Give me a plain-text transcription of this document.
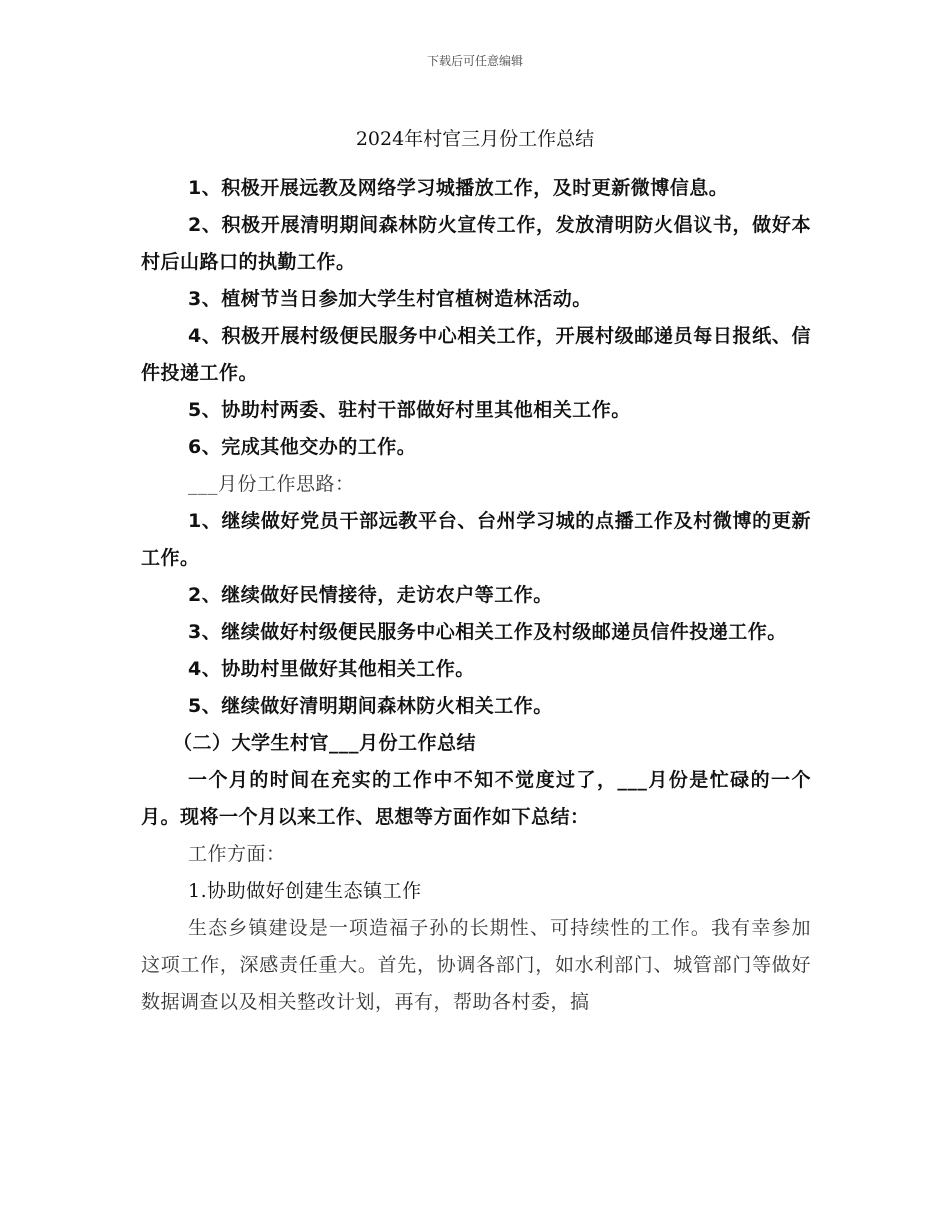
下载后可任意编辑
2024年村官三月份工作总结

1、积极开展远教及网络学习城播放工作，及时更新微博信息。

2、积极开展清明期间森林防火宣传工作，发放清明防火倡议书，做好本村后山路口的执勤工作。

3、植树节当日参加大学生村官植树造林活动。

4、积极开展村级便民服务中心相关工作，开展村级邮递员每日报纸、信件投递工作。

5、协助村两委、驻村干部做好村里其他相关工作。

6、完成其他交办的工作。

___月份工作思路：

1、继续做好党员干部远教平台、台州学习城的点播工作及村微博的更新工作。

2、继续做好民情接待，走访农户等工作。

3、继续做好村级便民服务中心相关工作及村级邮递员信件投递工作。

4、协助村里做好其他相关工作。

5、继续做好清明期间森林防火相关工作。

（二）大学生村官___月份工作总结

一个月的时间在充实的工作中不知不觉度过了，___月份是忙碌的一个月。现将一个月以来工作、思想等方面作如下总结：

工作方面：

1.协助做好创建生态镇工作

生态乡镇建设是一项造福子孙的长期性、可持续性的工作。我有幸参加这项工作，深感责任重大。首先，协调各部门，如水利部门、城管部门等做好数据调查以及相关整改计划，再有，帮助各村委，搞
